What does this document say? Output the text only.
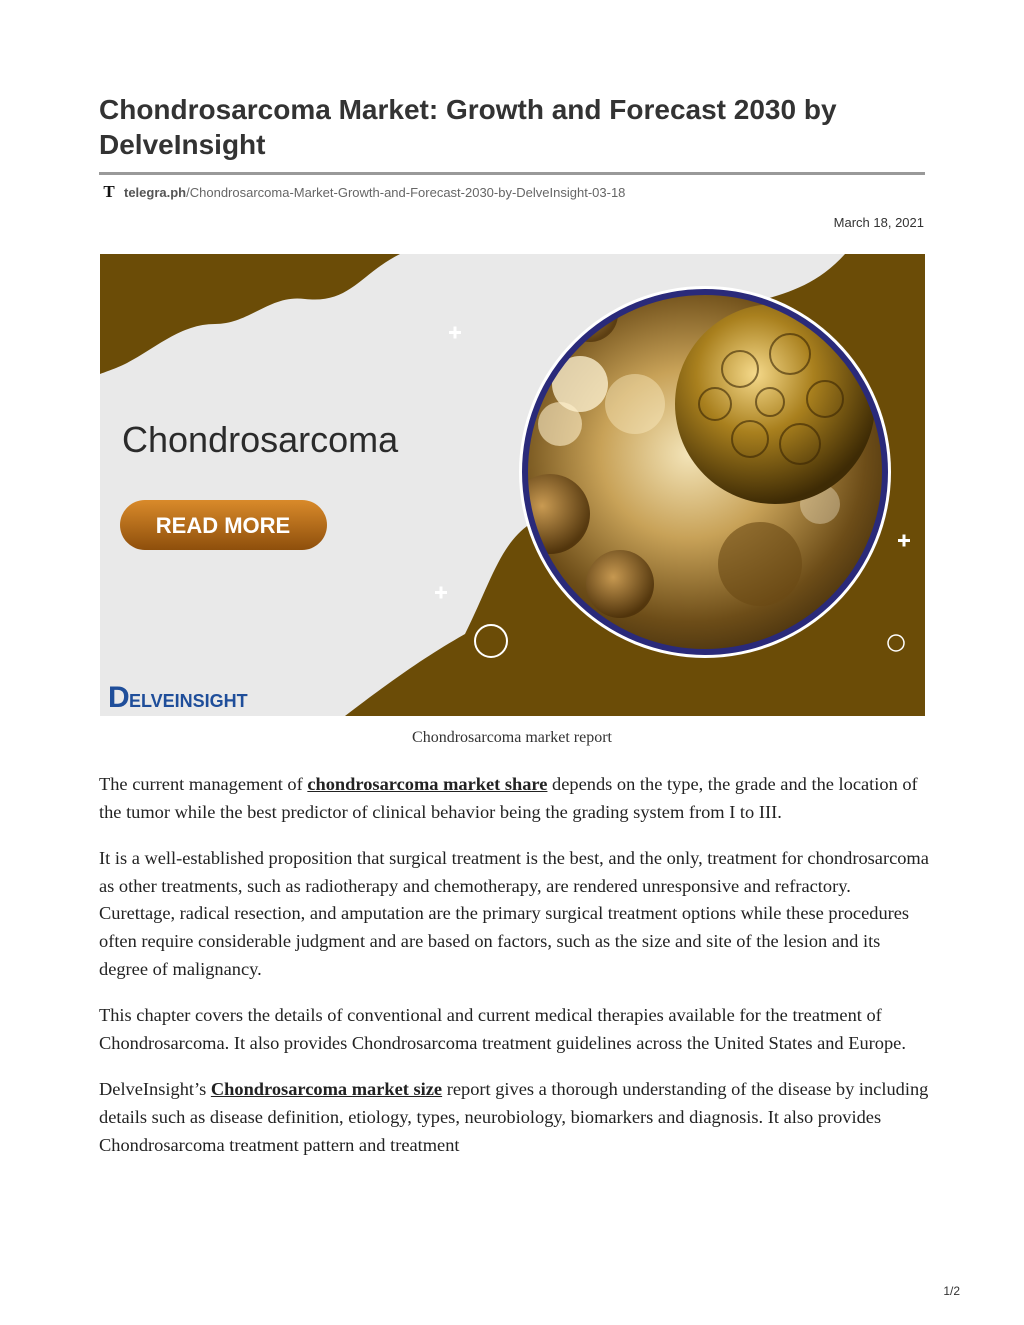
Chondrosarcoma Market: Growth and Forecast 2030 by DelveInsight
T telegra.ph /Chondrosarcoma-Market-Growth-and-Forecast-2030-by-DelveInsight-03-18
March 18, 2021
Chondrosarcoma
READ MORE
D ELVEINSIGHT
Chondrosarcoma market report

The current management of chondrosarcoma market share depends on the type, the grade and the location of the tumor while the best predictor of clinical behavior being the grading system from I to III.

It is a well-established proposition that surgical treatment is the best, and the only, treatment for chondrosarcoma as other treatments, such as radiotherapy and chemotherapy, are rendered unresponsive and refractory. Curettage, radical resection, and amputation are the primary surgical treatment options while these procedures often require considerable judgment and are based on factors, such as the size and site of the lesion and its degree of malignancy.

This chapter covers the details of conventional and current medical therapies available for the treatment of Chondrosarcoma. It also provides Chondrosarcoma treatment guidelines across the United States and Europe.

DelveInsight’s Chondrosarcoma market size report gives a thorough understanding of the disease by including details such as disease definition, etiology, types, neurobiology, biomarkers and diagnosis. It also provides Chondrosarcoma treatment pattern and treatment

1/2
